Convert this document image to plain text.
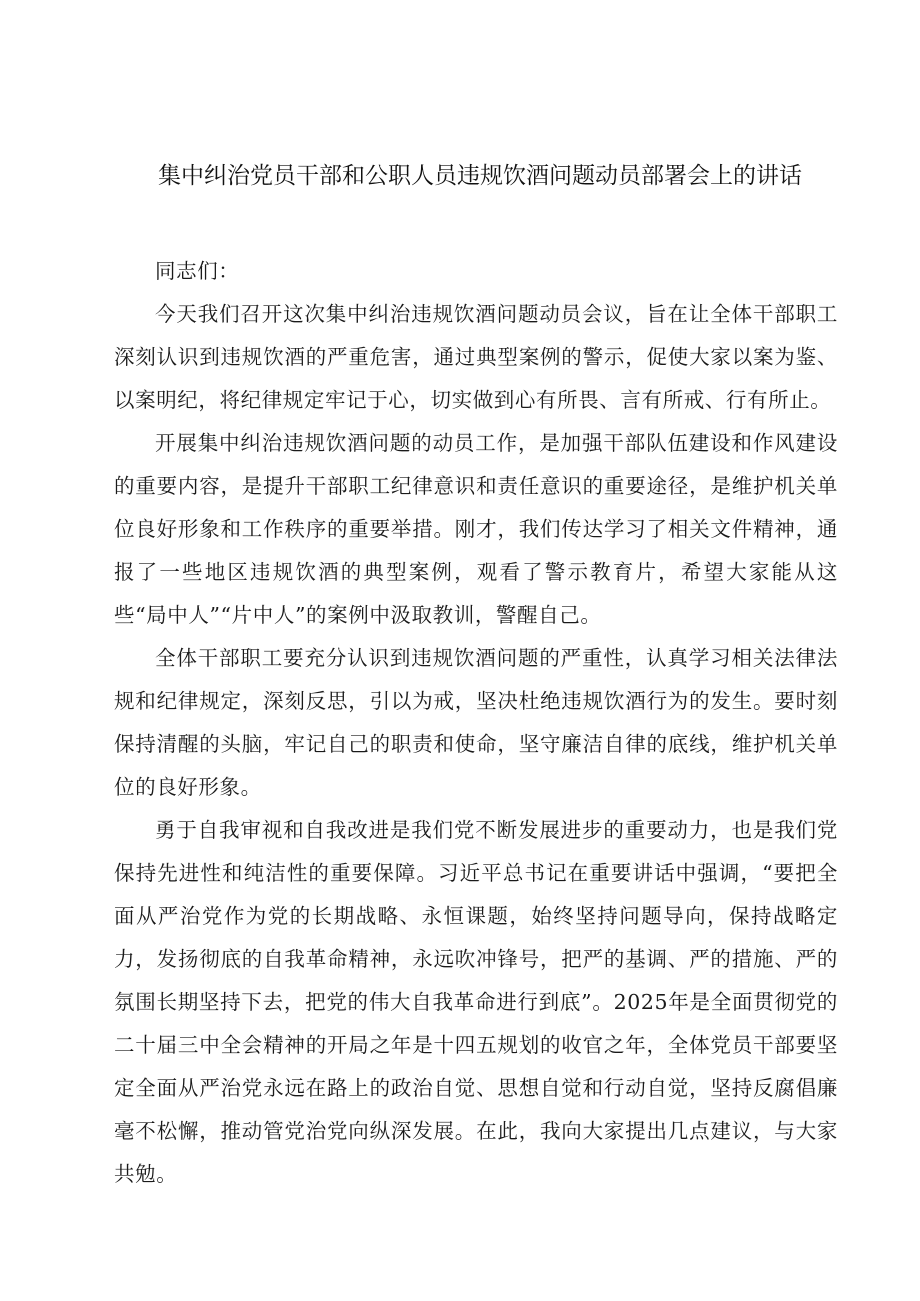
集中纠治党员干部和公职人员违规饮酒问题动员部署会上的讲话

同志们：

今天我们召开这次集中纠治违规饮酒问题动员会议，旨在让全体干部职工深刻认识到违规饮酒的严重危害，通过典型案例的警示，促使大家以案为鉴、以案明纪，将纪律规定牢记于心，切实做到心有所畏、言有所戒、行有所止。

开展集中纠治违规饮酒问题的动员工作，是加强干部队伍建设和作风建设的重要内容，是提升干部职工纪律意识和责任意识的重要途径，是维护机关单位良好形象和工作秩序的重要举措。刚才，我们传达学习了相关文件精神，通报了一些地区违规饮酒的典型案例，观看了警示教育片，希望大家能从这些“局中人”“片中人”的案例中汲取教训，警醒自己。

全体干部职工要充分认识到违规饮酒问题的严重性，认真学习相关法律法规和纪律规定，深刻反思，引以为戒，坚决杜绝违规饮酒行为的发生。要时刻保持清醒的头脑，牢记自己的职责和使命，坚守廉洁自律的底线，维护机关单位的良好形象。

勇于自我审视和自我改进是我们党不断发展进步的重要动力，也是我们党保持先进性和纯洁性的重要保障。习近平总书记在重要讲话中强调，“要把全面从严治党作为党的长期战略、永恒课题，始终坚持问题导向，保持战略定力，发扬彻底的自我革命精神，永远吹冲锋号，把严的基调、严的措施、严的氛围长期坚持下去，把党的伟大自我革命进行到底”。2025年是全面贯彻党的二十届三中全会精神的开局之年是十四五规划的收官之年，全体党员干部要坚定全面从严治党永远在路上的政治自觉、思想自觉和行动自觉，坚持反腐倡廉毫不松懈，推动管党治党向纵深发展。在此，我向大家提出几点建议，与大家共勉。
